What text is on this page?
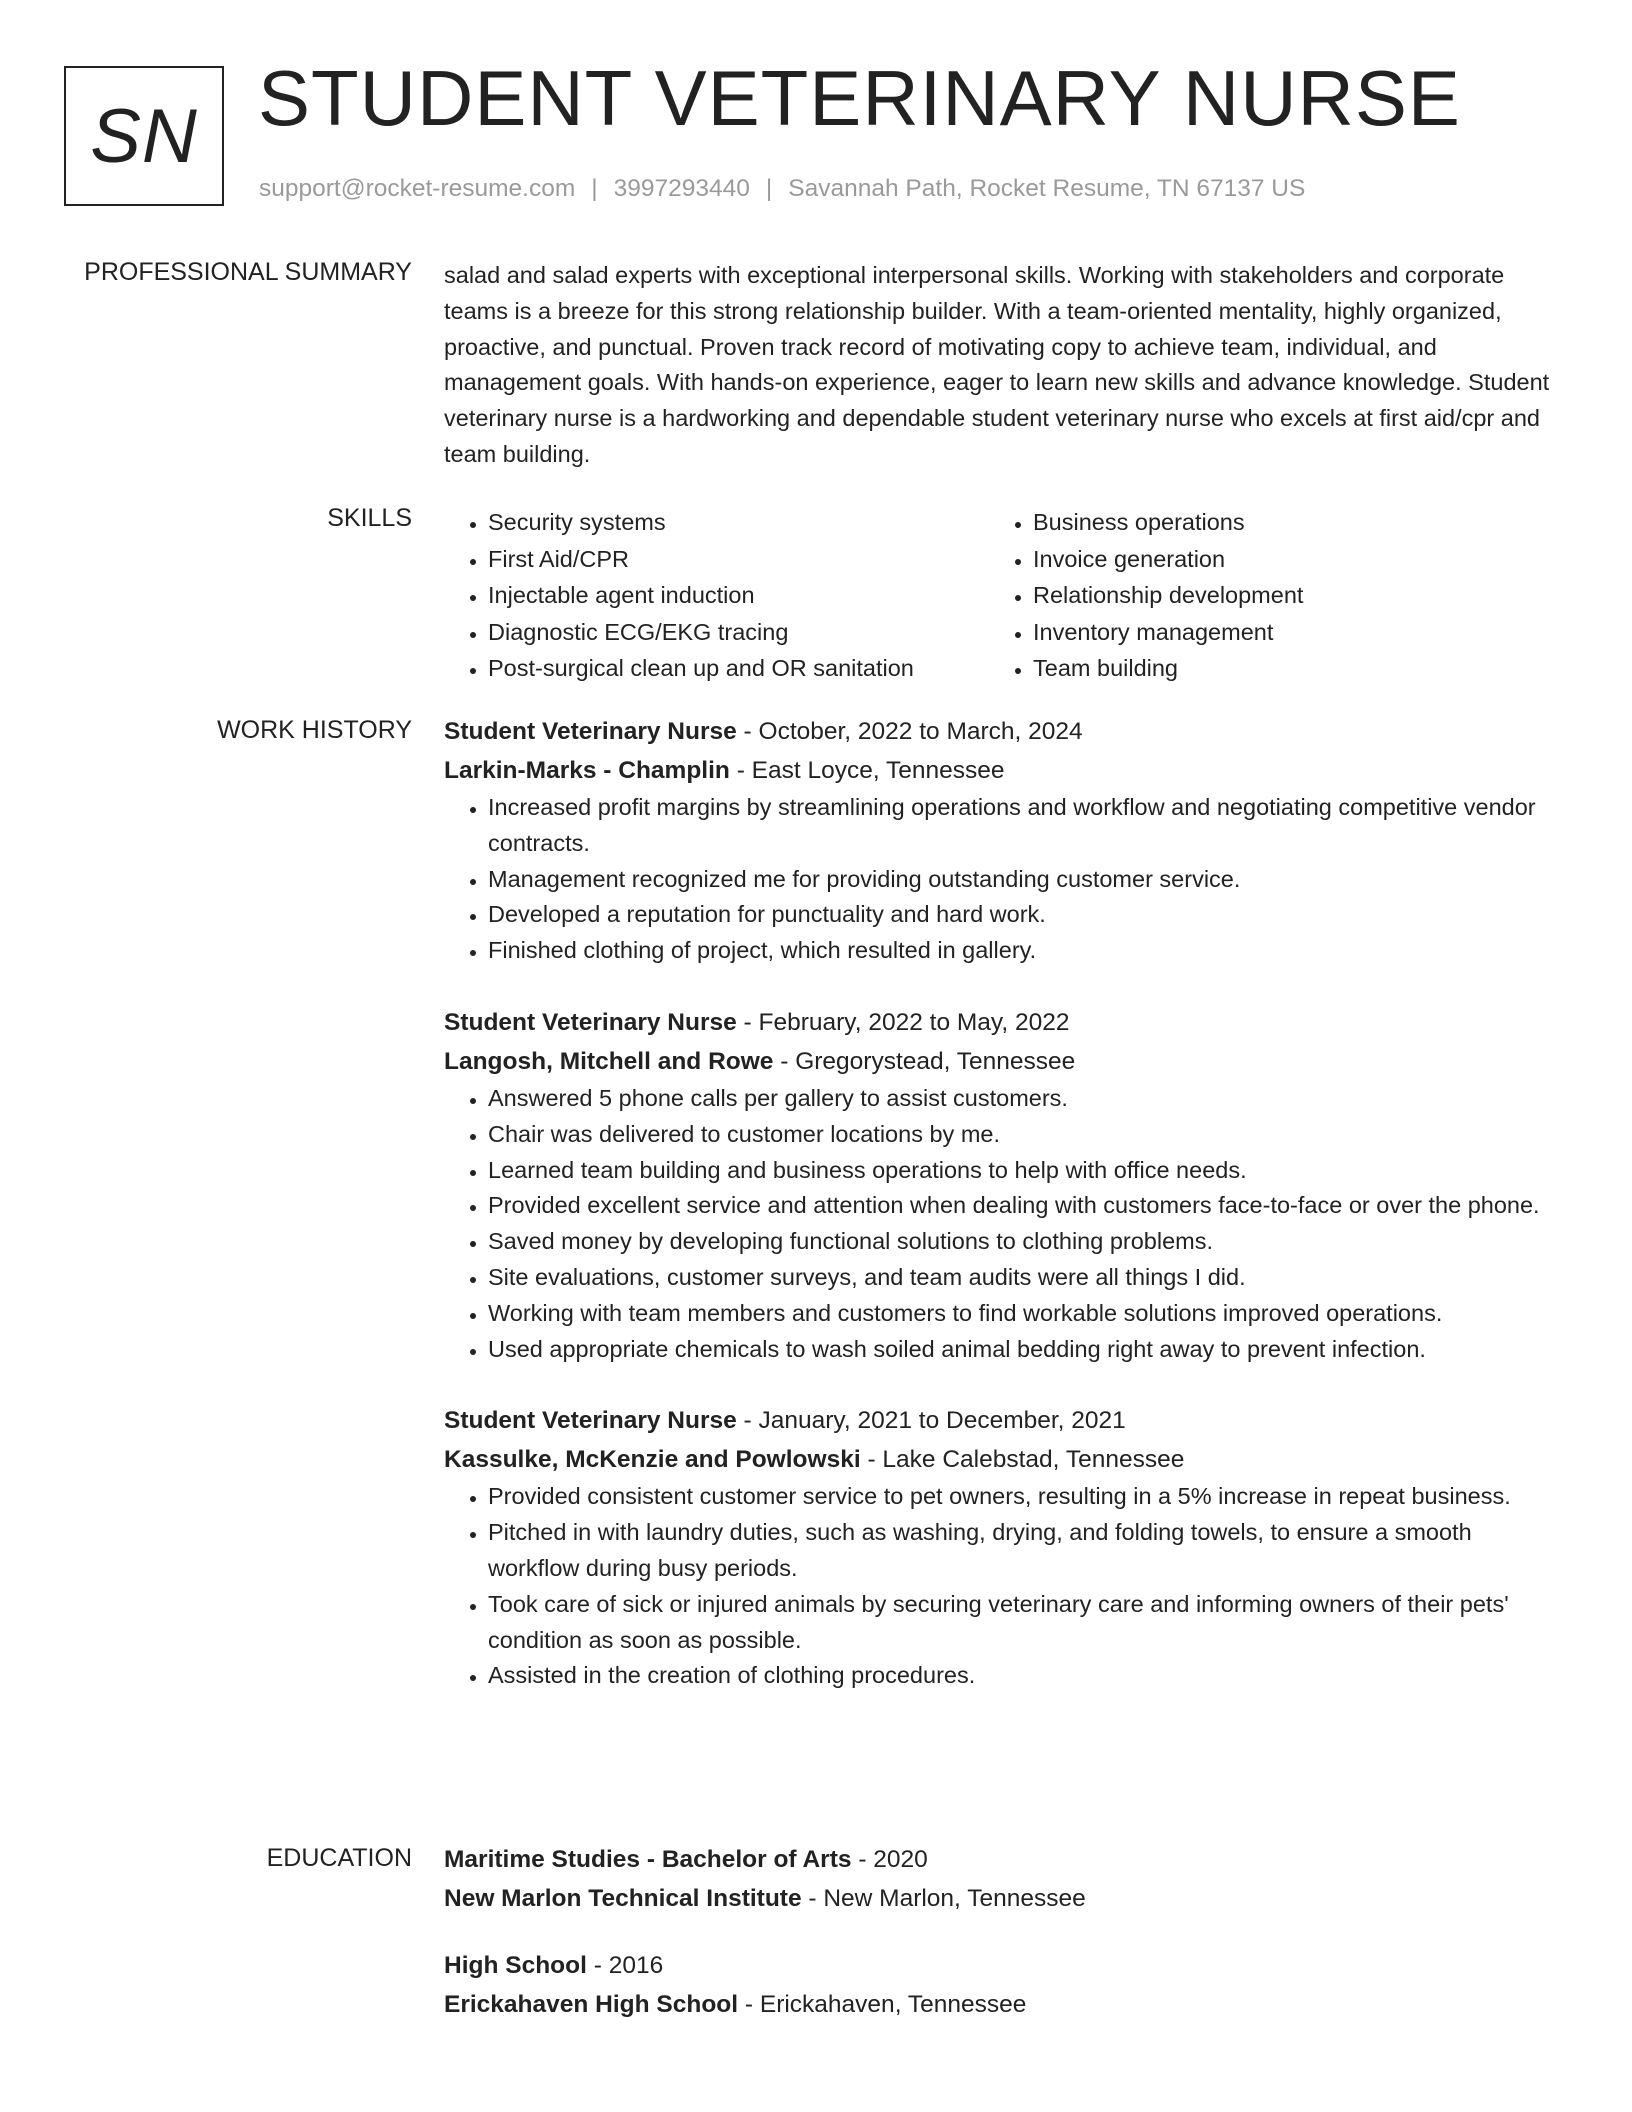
SN STUDENT VETERINARY NURSE
support@rocket-resume.com | 3997293440 | Savannah Path, Rocket Resume, TN 67137 US
PROFESSIONAL SUMMARY salad and salad experts with exceptional interpersonal skills. Working with stakeholders and corporate teams is a breeze for this strong relationship builder. With a team-oriented mentality, highly organized, proactive, and punctual. Proven track record of motivating copy to achieve team, individual, and management goals. With hands-on experience, eager to learn new skills and advance knowledge. Student veterinary nurse is a hardworking and dependable student veterinary nurse who excels at first aid/cpr and team building.

SKILLS
•	Security systems
• First Aid/CPR
• Injectable agent induction
• Diagnostic ECG/EKG tracing
• Post-surgical clean up and OR sanitation
• Business operations
• Invoice generation
• Relationship development
• Inventory management
• Team building
WORK HISTORY Student Veterinary Nurse - October, 2022 to March, 2024
Larkin-Marks - Champlin - East Loyce, Tennessee
• Increased profit margins by streamlining operations and workflow and negotiating competitive vendor contracts.
• Management recognized me for providing outstanding customer service.
• Developed a reputation for punctuality and hard work.
• Finished clothing of project, which resulted in gallery.
Student Veterinary Nurse - February, 2022 to May, 2022
Langosh, Mitchell and Rowe - Gregorystead, Tennessee
• Answered 5 phone calls per gallery to assist customers.
• Chair was delivered to customer locations by me.
• Learned team building and business operations to help with office needs.
• Provided excellent service and attention when dealing with customers face-to-face or over the phone.
• Saved money by developing functional solutions to clothing problems.
• Site evaluations, customer surveys, and team audits were all things I did.
• Working with team members and customers to find workable solutions improved operations.
• Used appropriate chemicals to wash soiled animal bedding right away to prevent infection.
Student Veterinary Nurse - January, 2021 to December, 2021
Kassulke, McKenzie and Powlowski - Lake Calebstad, Tennessee
• Provided consistent customer service to pet owners, resulting in a 5% increase in repeat business.
• Pitched in with laundry duties, such as washing, drying, and folding towels, to ensure a smooth workflow during busy periods.
• Took care of sick or injured animals by securing veterinary care and informing owners of their pets' condition as soon as possible.
• Assisted in the creation of clothing procedures.
EDUCATION Maritime Studies - Bachelor of Arts - 2020
New Marlon Technical Institute - New Marlon, Tennessee
High School - 2016
Erickahaven High School - Erickahaven, Tennessee
